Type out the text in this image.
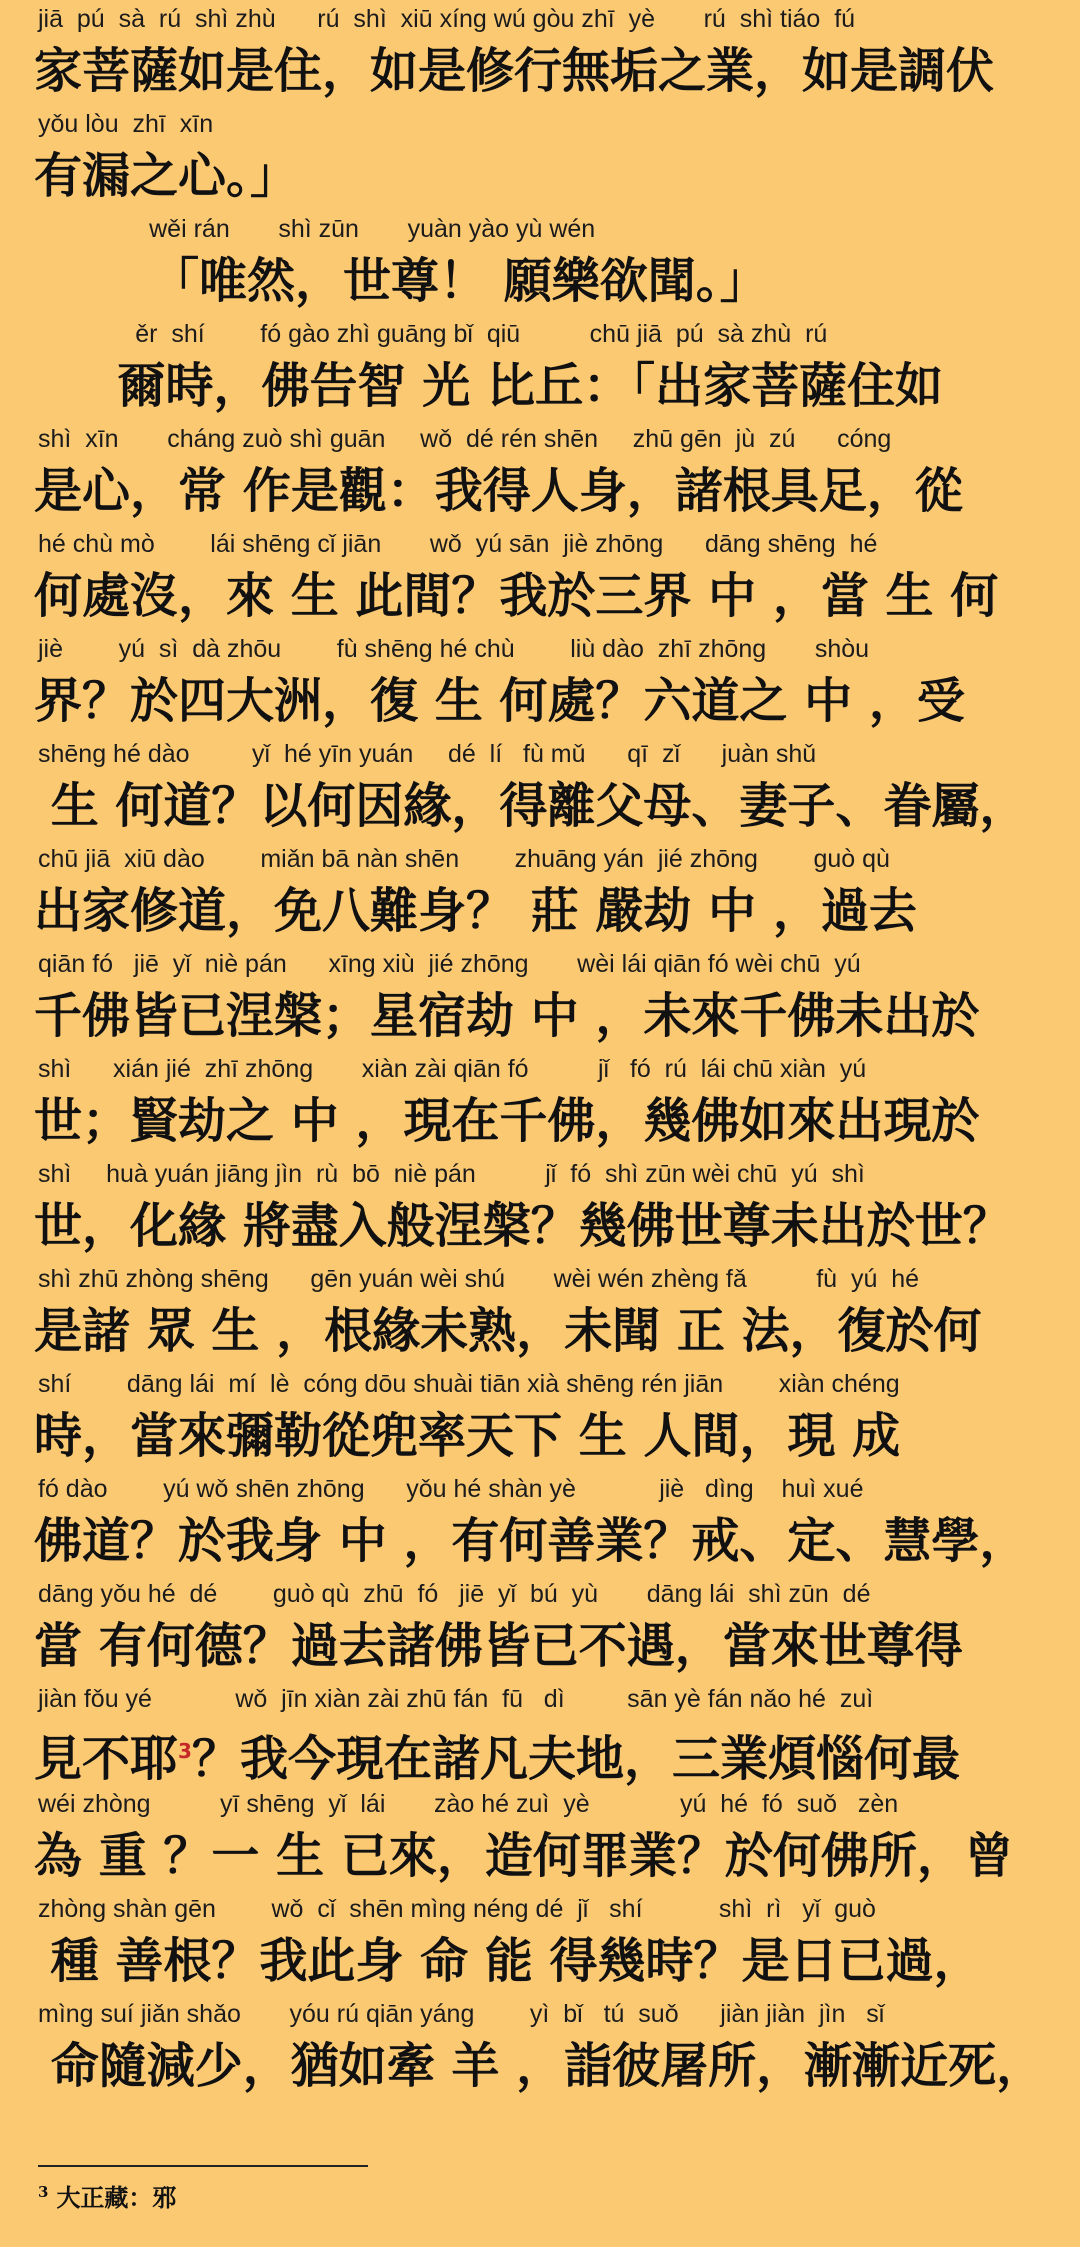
jiā  pú  sà  rú  shì zhù      rú  shì  xiū xíng wú gòu zhī  yè       rú  shì tiáo  fú
家菩薩如是住，如是修行無垢之業，如是調伏
yǒu lòu  zhī  xīn
有漏之心。」
wěi rán       shì zūn       yuàn yào yù wén
「唯然，世尊！ 願樂欲聞。」
ěr  shí        fó gào zhì guāng bǐ  qiū          chū jiā  pú  sà zhù  rú
爾時，佛告智 光 比丘：「出家菩薩住如
shì  xīn       cháng zuò shì guān     wǒ  dé rén shēn     zhū gēn  jù  zú      cóng
是心，常 作是觀：我得人身，諸根具足，從
hé chù mò        lái shēng cǐ jiān       wǒ  yú sān  jiè zhōng      dāng shēng  hé
何處沒，來 生 此間？我於三界 中 ，當 生 何
jiè        yú  sì  dà zhōu        fù shēng hé chù        liù dào  zhī zhōng       shòu
界？於四大洲，復 生 何處？六道之 中 ，受
shēng hé dào         yǐ  hé yīn yuán     dé  lí   fù mǔ      qī  zǐ      juàn shǔ
生 何道？以何因緣，得離父母、妻子、眷屬，
chū jiā  xiū dào        miǎn bā nàn shēn        zhuāng yán  jié zhōng        guò qù
出家修道，免八難身？ 莊 嚴劫 中 ，過去
qiān fó   jiē  yǐ  niè pán      xīng xiù  jié zhōng       wèi lái qiān fó wèi chū  yú
千佛皆已涅槃；星宿劫 中 ，未來千佛未出於
shì      xián jié  zhī zhōng       xiàn zài qiān fó          jǐ   fó  rú  lái chū xiàn  yú
世；賢劫之 中 ，現在千佛，幾佛如來出現於
shì     huà yuán jiāng jìn  rù  bō  niè pán          jǐ  fó  shì zūn wèi chū  yú  shì
世，化緣 將盡入般涅槃？幾佛世尊未出於世？
shì zhū zhòng shēng      gēn yuán wèi shú       wèi wén zhèng fǎ          fù  yú  hé
是諸 眾 生 ，根緣未熟，未聞 正 法，復於何
shí        dāng lái  mí  lè  cóng dōu shuài tiān xià shēng rén jiān        xiàn chéng
時，當來彌勒從兜率天下 生 人間，現 成
fó dào        yú wǒ shēn zhōng      yǒu hé shàn yè            jiè   dìng    huì xué
佛道？於我身 中 ，有何善業？戒、定、慧學，
dāng yǒu hé  dé        guò qù  zhū  fó   jiē  yǐ  bú  yù       dāng lái  shì zūn  dé
當 有何德？過去諸佛皆已不遇，當來世尊得
jiàn fǒu yé            wǒ  jīn xiàn zài zhū fán  fū   dì         sān yè fán nǎo hé  zuì
見不耶$^3$？我今現在諸凡夫地，三業煩惱何最
wéi zhòng          yī shēng  yǐ  lái       zào hé zuì  yè             yú  hé  fó  suǒ   zèn
為 重 ？一 生 已來，造何罪業？於何佛所，曾
zhòng shàn gēn        wǒ  cǐ  shēn mìng néng dé  jǐ   shí           shì  rì   yǐ  guò
種 善根？我此身 命 能 得幾時？是日已過，
mìng suí jiǎn shǎo       yóu rú qiān yáng        yì  bǐ   tú  suǒ      jiàn jiàn  jìn   sǐ
命隨減少，猶如牽 羊 ，詣彼屠所，漸漸近死，
$^3$ 大正藏：邪
